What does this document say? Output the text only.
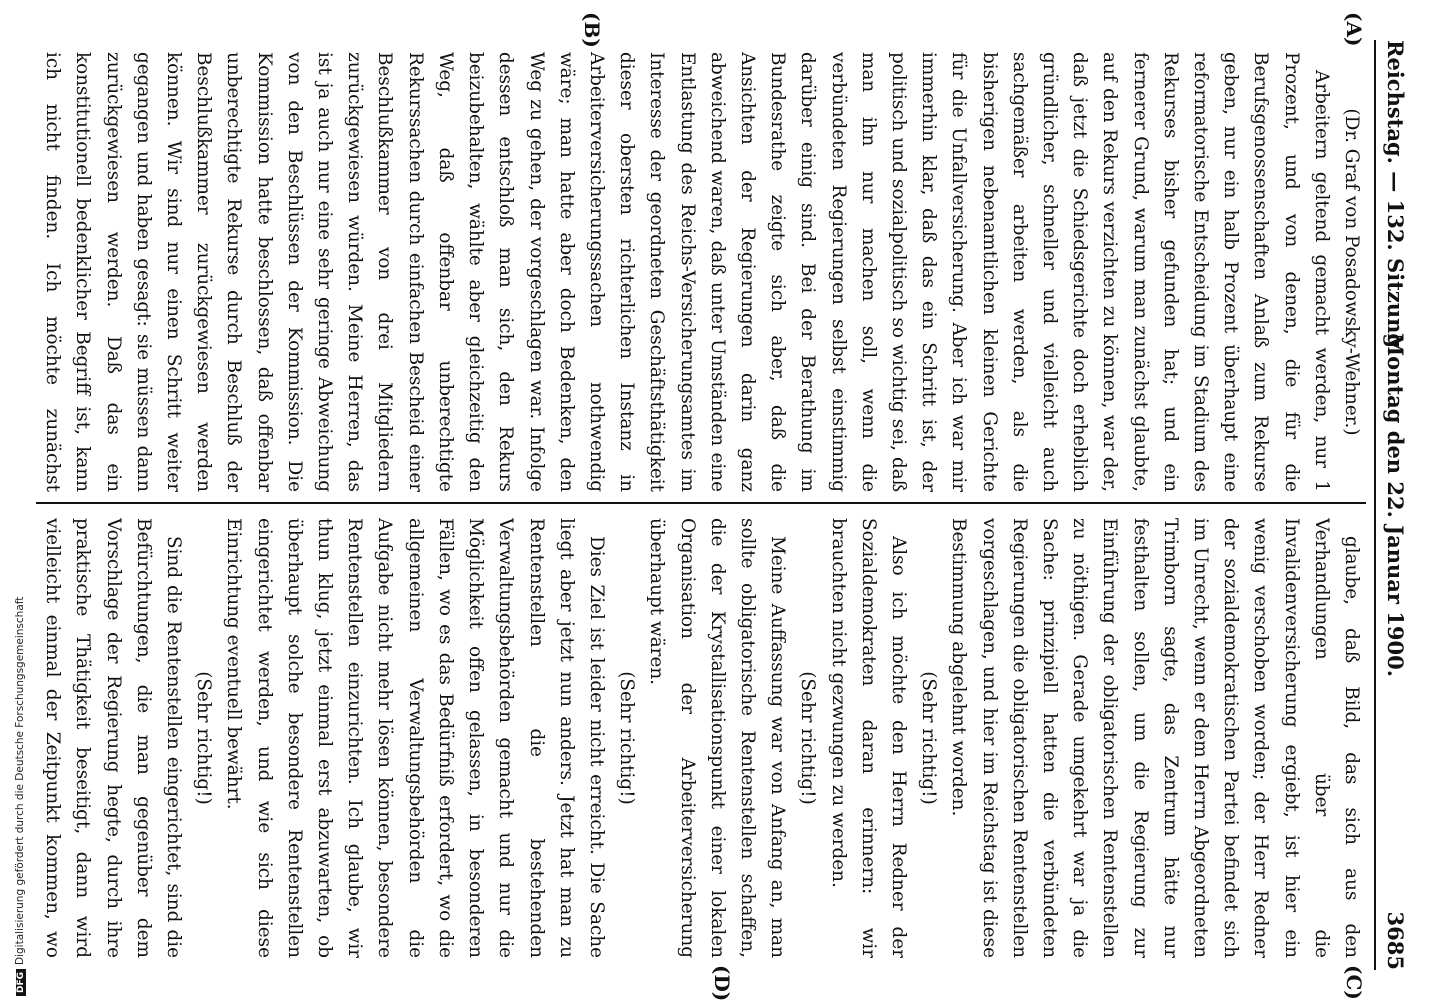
Reichstag. — 132. Sitzung.
Montag den 22. Januar 1900.
3685
(A)
(B)
(C)
(D)

(Dr. Graf von Posadowsky-Wehner.)

Arbeitern geltend gemacht werden, nur 1 Prozent, und von denen, die für die Berufsgenossenschaften Anlaß zum Rekurse geben, nur ein halb Prozent überhaupt eine reformatorische Entscheidung im Stadium des Rekurses bisher gefunden hat; und ein fernerer Grund, warum man zunächst glaubte, auf den Rekurs verzichten zu können, war der, daß jetzt die Schiedsgerichte doch erheblich gründlicher, schneller und vielleicht auch sachgemäßer arbeiten werden, als die bisherigen nebenamtlichen kleinen Gerichte für die Unfallversicherung. Aber ich war mir immerhin klar, daß das ein Schritt ist, der politisch und sozialpolitisch so wichtig sei, daß man ihn nur machen soll, wenn die verbündeten Regierungen selbst einstimmig darüber einig sind. Bei der Berathung im Bundesrathe zeigte sich aber, daß die Ansichten der Regierungen darin ganz abweichend waren, daß unter Umständen eine Entlastung des Reichs-Versicherungsamtes im Interesse der geordneten Geschäftsthätigkeit dieser obersten richterlichen Instanz in Arbeiterversicherungssachen nothwendig wäre; man hatte aber doch Bedenken, den Weg zu gehen, der vorgeschlagen war. Infolge dessen entschloß man sich, den Rekurs beizubehalten, wählte aber gleichzeitig den Weg, daß offenbar unberechtigte Rekurssachen durch einfachen Bescheid einer Beschlußkammer von drei Mitgliedern zurückgewiesen würden. Meine Herren, das ist ja auch nur eine sehr geringe Abweichung von den Beschlüssen der Kommission. Die Kommission hatte beschlossen, daß offenbar unberechtigte Rekurse durch Beschluß der Beschlußkammer zurückgewiesen werden können. Wir sind nur einen Schritt weiter gegangen und haben gesagt: sie müssen dann zurückgewiesen werden. Daß das ein konstitutionell bedenklicher Begriff ist, kann ich nicht finden. Ich möchte zunächst

glaube, daß Bild, das sich aus den Verhandlungen über die Invalidenversicherung ergiebt, ist hier ein wenig verschoben worden; der Herr Redner der sozialdemokratischen Partei befindet sich im Unrecht, wenn er dem Herrn Abgeordneten Trimborn sagte, das Zentrum hätte nur festhalten sollen, um die Regierung zur Einführung der obligatorischen Rentenstellen zu nöthigen. Gerade umgekehrt war ja die Sache: prinzipiell hatten die verbündeten Regierungen die obligatorischen Rentenstellen vorgeschlagen, und hier im Reichstag ist diese Bestimmung abgelehnt worden.

(Sehr richtig!)

Also ich möchte den Herrn Redner der Sozialdemokraten daran erinnern: wir brauchten nicht gezwungen zu werden.

(Sehr richtig!)

Meine Auffassung war von Anfang an, man sollte obligatorische Rentenstellen schaffen, die der Krystallisationspunkt einer lokalen Organisation der Arbeiterversicherung überhaupt wären.

(Sehr richtig!)

Dies Ziel ist leider nicht erreicht. Die Sache liegt aber jetzt nun anders. Jetzt hat man zu Rentenstellen die bestehenden Verwaltungsbehörden gemacht und nur die Möglichkeit offen gelassen, in besonderen Fällen, wo es das Bedürfniß erfordert, wo die allgemeinen Verwaltungsbehörden die Aufgabe nicht mehr lösen können, besondere Rentenstellen einzurichten. Ich glaube, wir thun klug, jetzt einmal erst abzuwarten, ob überhaupt solche besondere Rentenstellen eingerichtet werden, und wie sich diese Einrichtung eventuell bewährt.

(Sehr richtig!)

Sind die Rentenstellen eingerichtet, sind die Befürchtungen, die man gegenüber dem Vorschlage der Regierung hegte, durch ihre praktische Thätigkeit beseitigt, dann wird vielleicht einmal der Zeitpunkt kommen, wo

DFGDigitalisierung gefördert durch die Deutsche Forschungsgemeinschaft
